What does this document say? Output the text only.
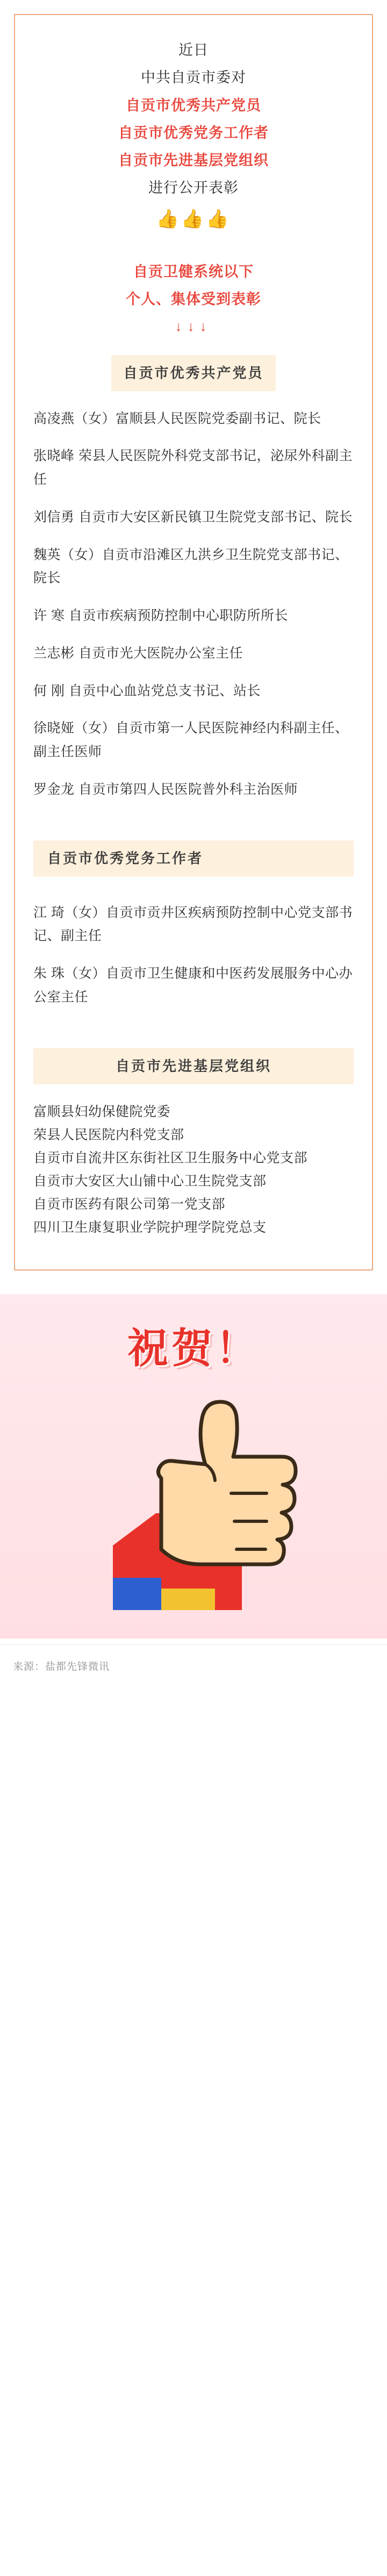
近日
中共自贡市委对
自贡市优秀共产党员
自贡市优秀党务工作者
自贡市先进基层党组织
进行公开表彰
👍👍👍
自贡卫健系统以下
个人、集体受到表彰
↓↓↓
自贡市优秀共产党员

高凌燕（女）富顺县人民医院党委副书记、院长

张晓峰 荣县人民医院外科党支部书记，泌尿外科副主任

刘信勇 自贡市大安区新民镇卫生院党支部书记、院长

魏英（女）自贡市沿滩区九洪乡卫生院党支部书记、院长

许 寒 自贡市疾病预防控制中心职防所所长

兰志彬 自贡市光大医院办公室主任

何 刚 自贡中心血站党总支书记、站长

徐晓娅（女）自贡市第一人民医院神经内科副主任、副主任医师

罗金龙 自贡市第四人民医院普外科主治医师

自贡市优秀党务工作者

江 琦（女）自贡市贡井区疾病预防控制中心党支部书记、副主任

朱 珠（女）自贡市卫生健康和中医药发展服务中心办公室主任

自贡市先进基层党组织

富顺县妇幼保健院党委

荣县人民医院内科党支部

自贡市自流井区东街社区卫生服务中心党支部

自贡市大安区大山铺中心卫生院党支部

自贡市医药有限公司第一党支部

四川卫生康复职业学院护理学院党总支

祝贺！
来源：盐都先锋微讯
